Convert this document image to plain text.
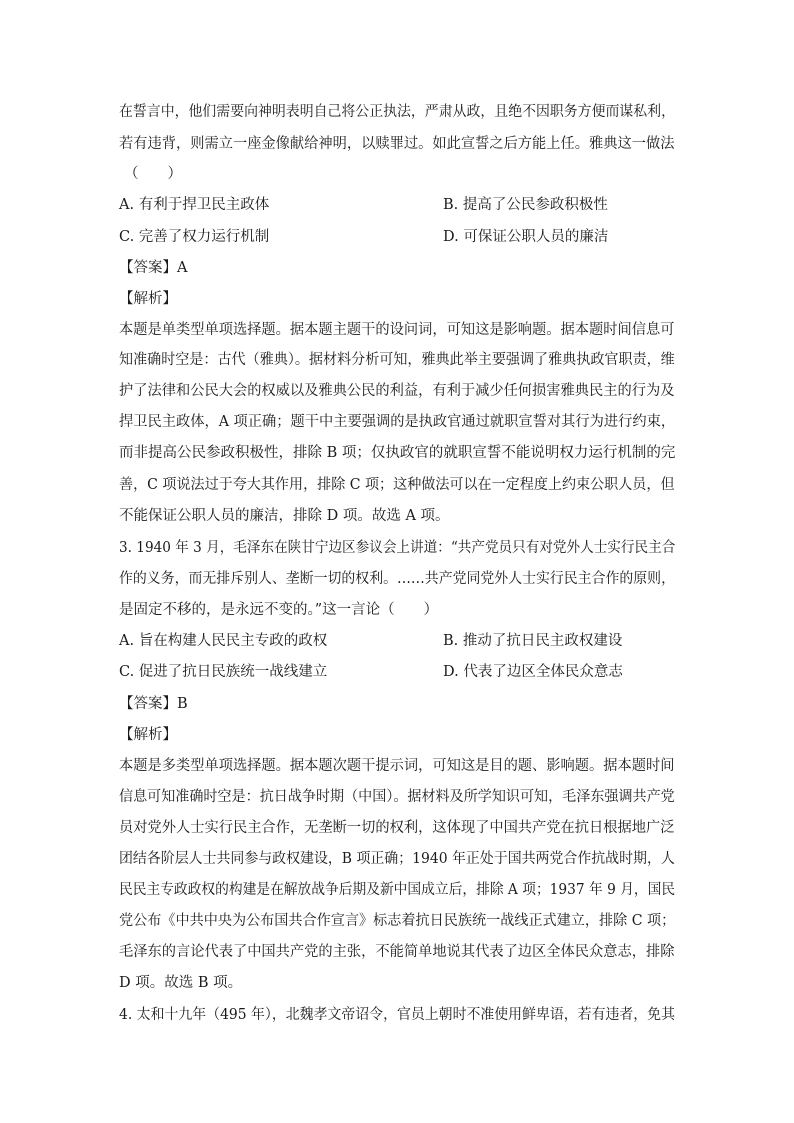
在誓言中，他们需要向神明表明自己将公正执法，严肃从政，且绝不因职务方便而谋私利，
若有违背，则需立一座金像献给神明，以赎罪过。如此宣誓之后方能上任。雅典这一做法
（　　）
A. 有利于捍卫民主政体	B. 提高了公民参政积极性
C. 完善了权力运行机制	D. 可保证公职人员的廉洁
【答案】A
【解析】
本题是单类型单项选择题。据本题主题干的设问词，可知这是影响题。据本题时间信息可
知准确时空是：古代（雅典）。据材料分析可知，雅典此举主要强调了雅典执政官职责，维
护了法律和公民大会的权威以及雅典公民的利益，有利于减少任何损害雅典民主的行为及
捍卫民主政体，A 项正确；题干中主要强调的是执政官通过就职宣誓对其行为进行约束，
而非提高公民参政积极性，排除 B 项；仅执政官的就职宣誓不能说明权力运行机制的完
善，C 项说法过于夸大其作用，排除 C 项；这种做法可以在一定程度上约束公职人员，但
不能保证公职人员的廉洁，排除 D 项。故选 A 项。
3. 1940 年 3 月，毛泽东在陕甘宁边区参议会上讲道：“共产党员只有对党外人士实行民主合
作的义务，而无排斥别人、垄断一切的权利。……共产党同党外人士实行民主合作的原则，
是固定不移的，是永远不变的。”这一言论（　　）
A. 旨在构建人民民主专政的政权	B. 推动了抗日民主政权建设
C. 促进了抗日民族统一战线建立	D. 代表了边区全体民众意志
【答案】B
【解析】
本题是多类型单项选择题。据本题次题干提示词，可知这是目的题、影响题。据本题时间
信息可知准确时空是：抗日战争时期（中国）。据材料及所学知识可知，毛泽东强调共产党
员对党外人士实行民主合作，无垄断一切的权利，这体现了中国共产党在抗日根据地广泛
团结各阶层人士共同参与政权建设，B 项正确；1940 年正处于国共两党合作抗战时期，人
民民主专政政权的构建是在解放战争后期及新中国成立后，排除 A 项；1937 年 9 月，国民
党公布《中共中央为公布国共合作宣言》标志着抗日民族统一战线正式建立，排除 C 项；
毛泽东的言论代表了中国共产党的主张，不能简单地说其代表了边区全体民众意志，排除
D 项。故选 B 项。
4. 太和十九年（495 年），北魏孝文帝诏令，官员上朝时不准使用鲜卑语，若有违者，免其
